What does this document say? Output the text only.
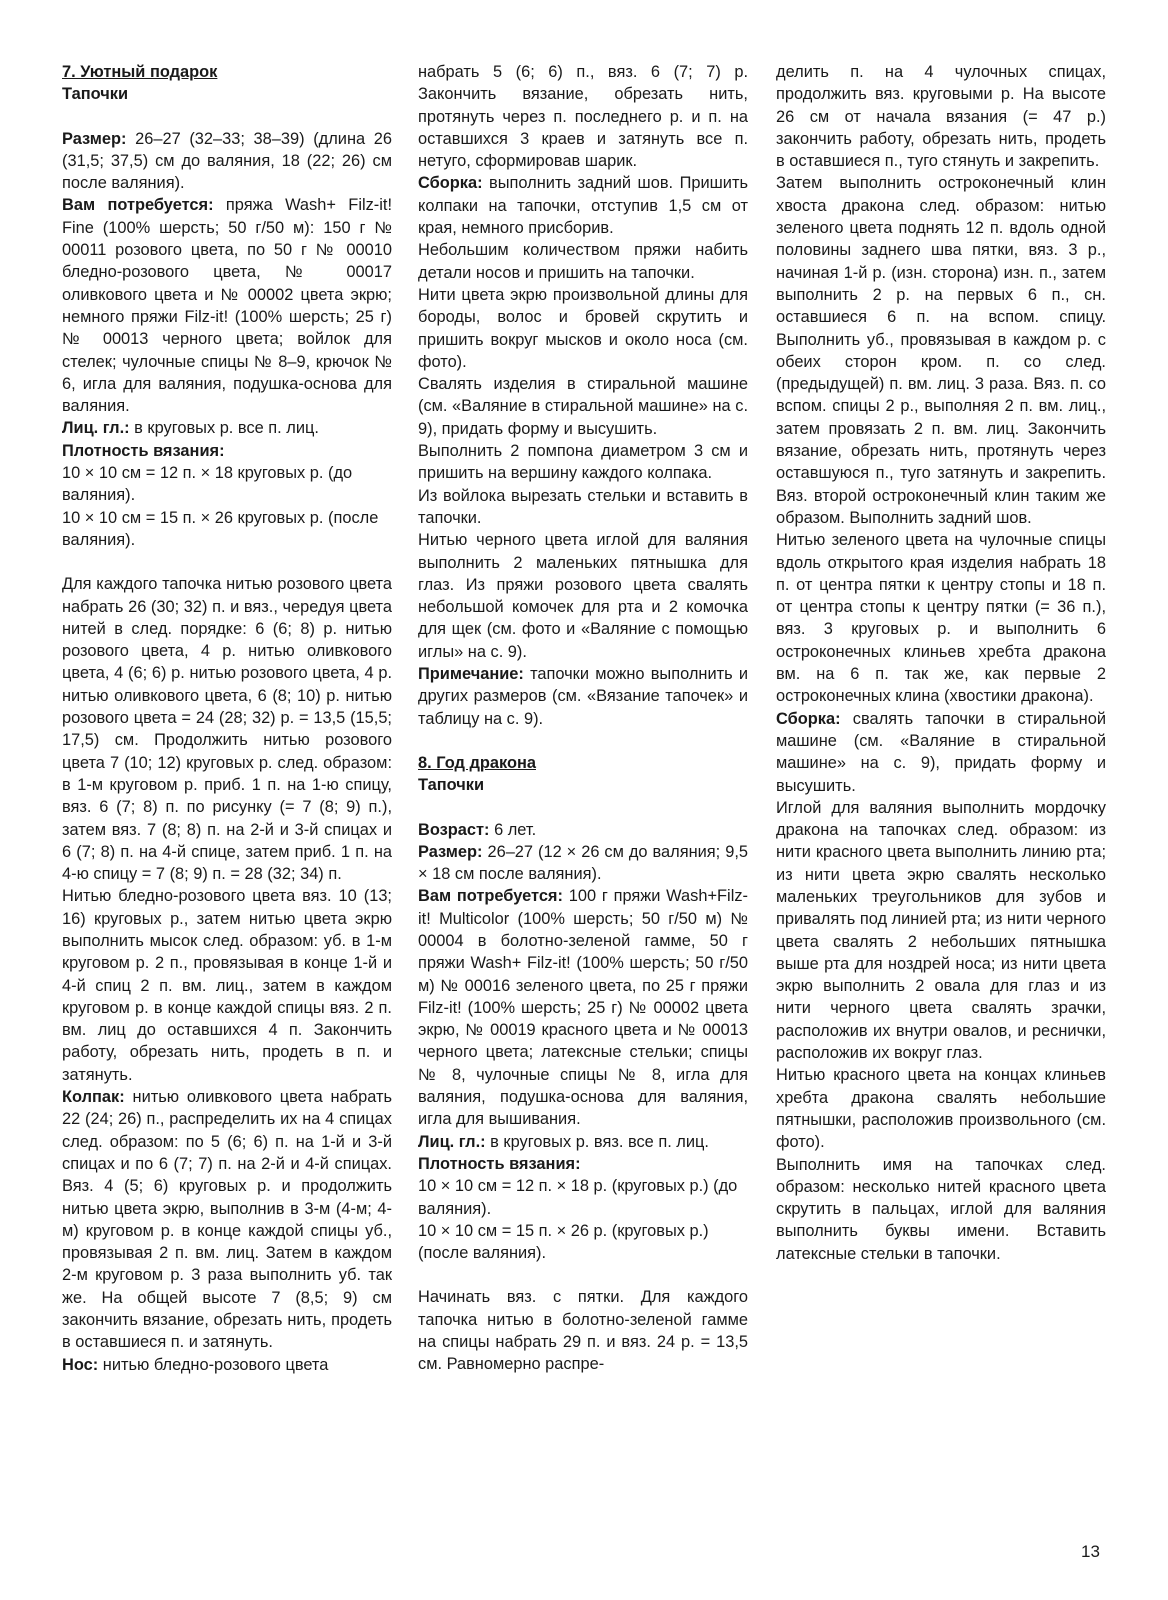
7. Уютный подарок

Тапочки

Размер: 26–27 (32–33; 38–39) (длина 26 (31,5; 37,5) см до валяния, 18 (22; 26) см после валяния).

Вам потребуется: пряжа Wash+ Filz-it! Fine (100% шерсть; 50 г/50 м): 150 г № 00011 розового цвета, по 50 г № 00010 бледно-розового цвета, № 00017 оливкового цвета и № 00002 цвета экрю; немного пряжи Filz-it! (100% шерсть; 25 г) № 00013 черного цвета; войлок для стелек; чулочные спицы № 8–9, крючок № 6, игла для валяния, подушка-основа для валяния.

Лиц. гл.: в круговых р. все п. лиц.

Плотность вязания:

10 × 10 см = 12 п. × 18 круговых р. (до валяния).

10 × 10 см = 15 п. × 26 круговых р. (после валяния).

Для каждого тапочка нитью розового цвета набрать 26 (30; 32) п. и вяз., чередуя цвета нитей в след. порядке: 6 (6; 8) р. нитью розового цвета, 4 р. нитью оливкового цвета, 4 (6; 6) р. нитью розового цвета, 4 р. нитью оливкового цвета, 6 (8; 10) р. нитью розового цвета = 24 (28; 32) р. = 13,5 (15,5; 17,5) см. Продолжить нитью розового цвета 7 (10; 12) круговых р. след. образом: в 1-м круговом р. приб. 1 п. на 1-ю спицу, вяз. 6 (7; 8) п. по рисунку (= 7 (8; 9) п.), затем вяз. 7 (8; 8) п. на 2-й и 3-й спицах и 6 (7; 8) п. на 4-й спице, затем приб. 1 п. на 4-ю спицу = 7 (8; 9) п. = 28 (32; 34) п.

Нитью бледно-розового цвета вяз. 10 (13; 16) круговых р., затем нитью цвета экрю выполнить мысок след. образом: уб. в 1-м круговом р. 2 п., провязывая в конце 1-й и 4-й спиц 2 п. вм. лиц., затем в каждом круговом р. в конце каждой спицы вяз. 2 п. вм. лиц до оставшихся 4 п. Закончить работу, обрезать нить, продеть в п. и затянуть.

Колпак: нитью оливкового цвета набрать 22 (24; 26) п., распределить их на 4 спицах след. образом: по 5 (6; 6) п. на 1-й и 3-й спицах и по 6 (7; 7) п. на 2-й и 4-й спицах. Вяз. 4 (5; 6) круговых р. и продолжить нитью цвета экрю, выполнив в 3-м (4-м; 4-м) круговом р. в конце каждой спицы уб., провязывая 2 п. вм. лиц. Затем в каждом 2-м круговом р. 3 раза выполнить уб. так же. На общей высоте 7 (8,5; 9) см закончить вязание, обрезать нить, продеть в оставшиеся п. и затянуть.

Нос: нитью бледно-розового цвета

набрать 5 (6; 6) п., вяз. 6 (7; 7) р. Закончить вязание, обрезать нить, протянуть через п. последнего р. и п. на оставшихся 3 краев и затянуть все п. нетуго, сформировав шарик.

Сборка: выполнить задний шов. Пришить колпаки на тапочки, отступив 1,5 см от края, немного присборив.

Небольшим количеством пряжи набить детали носов и пришить на тапочки.

Нити цвета экрю произвольной длины для бороды, волос и бровей скрутить и пришить вокруг мысков и около носа (см. фото).

Свалять изделия в стиральной машине (см. «Валяние в стиральной машине» на с. 9), придать форму и высушить.

Выполнить 2 помпона диаметром 3 см и пришить на вершину каждого колпака.

Из войлока вырезать стельки и вставить в тапочки.

Нитью черного цвета иглой для валяния выполнить 2 маленьких пятнышка для глаз. Из пряжи розового цвета свалять небольшой комочек для рта и 2 комочка для щек (см. фото и «Валяние с помощью иглы» на с. 9).

Примечание: тапочки можно выполнить и других размеров (см. «Вязание тапочек» и таблицу на с. 9).

8. Год дракона

Тапочки

Возраст: 6 лет.

Размер: 26–27 (12 × 26 см до валяния; 9,5 × 18 см после валяния).

Вам потребуется: 100 г пряжи Wash+Filz-it! Multicolor (100% шерсть; 50 г/50 м) № 00004 в болотно-зеленой гамме, 50 г пряжи Wash+ Filz-it! (100% шерсть; 50 г/50 м) № 00016 зеленого цвета, по 25 г пряжи Filz-it! (100% шерсть; 25 г) № 00002 цвета экрю, № 00019 красного цвета и № 00013 черного цвета; латексные стельки; спицы № 8, чулочные спицы № 8, игла для валяния, подушка-основа для валяния, игла для вышивания.

Лиц. гл.: в круговых р. вяз. все п. лиц.

Плотность вязания:

10 × 10 см = 12 п. × 18 р. (круговых р.) (до валяния).

10 × 10 см = 15 п. × 26 р. (круговых р.) (после валяния).

Начинать вяз. с пятки. Для каждого тапочка нитью в болотно-зеленой гамме на спицы набрать 29 п. и вяз. 24 р. = 13,5 см. Равномерно распре-

делить п. на 4 чулочных спицах, продолжить вяз. круговыми р. На высоте 26 см от начала вязания (= 47 р.) закончить работу, обрезать нить, продеть в оставшиеся п., туго стянуть и закрепить.

Затем выполнить остроконечный клин хвоста дракона след. образом: нитью зеленого цвета поднять 12 п. вдоль одной половины заднего шва пятки, вяз. 3 р., начиная 1-й р. (изн. сторона) изн. п., затем выполнить 2 р. на первых 6 п., сн. оставшиеся 6 п. на вспом. спицу. Выполнить уб., провязывая в каждом р. с обеих сторон кром. п. со след. (предыдущей) п. вм. лиц. 3 раза. Вяз. п. со вспом. спицы 2 р., выполняя 2 п. вм. лиц., затем провязать 2 п. вм. лиц. Закончить вязание, обрезать нить, протянуть через оставшуюся п., туго затянуть и закрепить. Вяз. второй остроконечный клин таким же образом. Выполнить задний шов.

Нитью зеленого цвета на чулочные спицы вдоль открытого края изделия набрать 18 п. от центра пятки к центру стопы и 18 п. от центра стопы к центру пятки (= 36 п.), вяз. 3 круговых р. и выполнить 6 остроконечных клиньев хребта дракона вм. на 6 п. так же, как первые 2 остроконечных клина (хвостики дракона).

Сборка: свалять тапочки в стиральной машине (см. «Валяние в стиральной машине» на с. 9), придать форму и высушить.

Иглой для валяния выполнить мордочку дракона на тапочках след. образом: из нити красного цвета выполнить линию рта; из нити цвета экрю свалять несколько маленьких треугольников для зубов и привалять под линией рта; из нити черного цвета свалять 2 небольших пятнышка выше рта для ноздрей носа; из нити цвета экрю выполнить 2 овала для глаз и из нити черного цвета свалять зрачки, расположив их внутри овалов, и реснички, расположив их вокруг глаз.

Нитью красного цвета на концах клиньев хребта дракона свалять небольшие пятнышки, расположив произвольного (см. фото).

Выполнить имя на тапочках след. образом: несколько нитей красного цвета скрутить в пальцах, иглой для валяния выполнить буквы имени. Вставить латексные стельки в тапочки.

13
